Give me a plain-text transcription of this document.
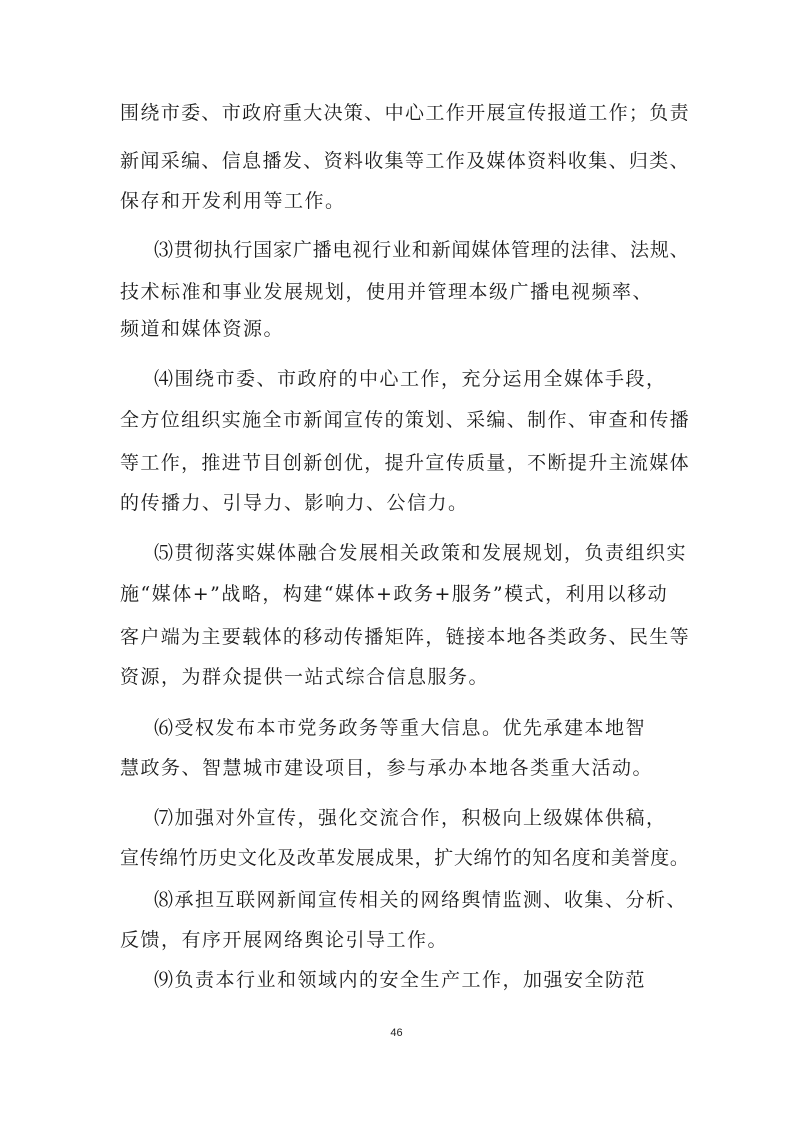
围绕市委、市政府重大决策、中心工作开展宣传报道工作；负责
新闻采编、信息播发、资料收集等工作及媒体资料收集、归类、
保存和开发利用等工作。
⑶贯彻执行国家广播电视行业和新闻媒体管理的法律、法规、
技术标准和事业发展规划，使用并管理本级广播电视频率、
频道和媒体资源。
⑷围绕市委、市政府的中心工作，充分运用全媒体手段，
全方位组织实施全市新闻宣传的策划、采编、制作、审查和传播
等工作，推进节目创新创优，提升宣传质量，不断提升主流媒体
的传播力、引导力、影响力、公信力。
⑸贯彻落实媒体融合发展相关政策和发展规划，负责组织实
施“媒体+”战略，构建“媒体+政务+服务”模式，利用以移动
客户端为主要载体的移动传播矩阵，链接本地各类政务、民生等
资源，为群众提供一站式综合信息服务。
⑹受权发布本市党务政务等重大信息。优先承建本地智
慧政务、智慧城市建设项目，参与承办本地各类重大活动。
⑺加强对外宣传，强化交流合作，积极向上级媒体供稿，
宣传绵竹历史文化及改革发展成果，扩大绵竹的知名度和美誉度。
⑻承担互联网新闻宣传相关的网络舆情监测、收集、分析、
反馈，有序开展网络舆论引导工作。
⑼负责本行业和领域内的安全生产工作，加强安全防范
46
